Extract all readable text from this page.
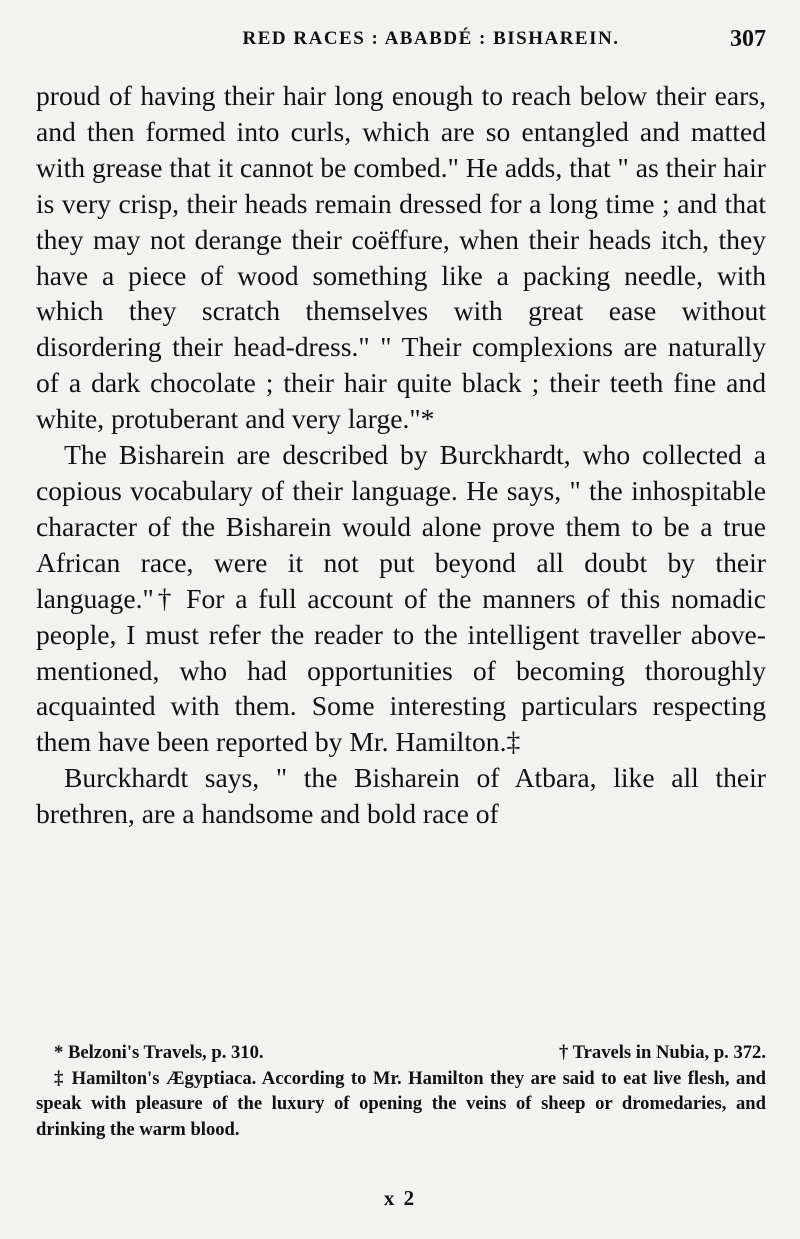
RED RACES : ABABDÉ : BISHAREIN.	307

proud of having their hair long enough to reach below their ears, and then formed into curls, which are so entangled and matted with grease that it cannot be combed." He adds, that " as their hair is very crisp, their heads remain dressed for a long time ; and that they may not derange their coëffure, when their heads itch, they have a piece of wood something like a packing needle, with which they scratch themselves with great ease without disordering their head-dress." " Their complexions are naturally of a dark chocolate ; their hair quite black ; their teeth fine and white, protuberant and very large."*

The Bisharein are described by Burckhardt, who collected a copious vocabulary of their language. He says, " the inhospitable character of the Bisharein would alone prove them to be a true African race, were it not put beyond all doubt by their language."† For a full account of the manners of this nomadic people, I must refer the reader to the intelligent traveller above-mentioned, who had opportunities of becoming thoroughly acquainted with them. Some interesting particulars respecting them have been reported by Mr. Hamilton.‡

Burckhardt says, " the Bisharein of Atbara, like all their brethren, are a handsome and bold race of

* Belzoni's Travels, p. 310.	† Travels in Nubia, p. 372.
‡ Hamilton's Ægyptiaca. According to Mr. Hamilton they are said to eat live flesh, and speak with pleasure of the luxury of opening the veins of sheep or dromedaries, and drinking the warm blood.
x 2
